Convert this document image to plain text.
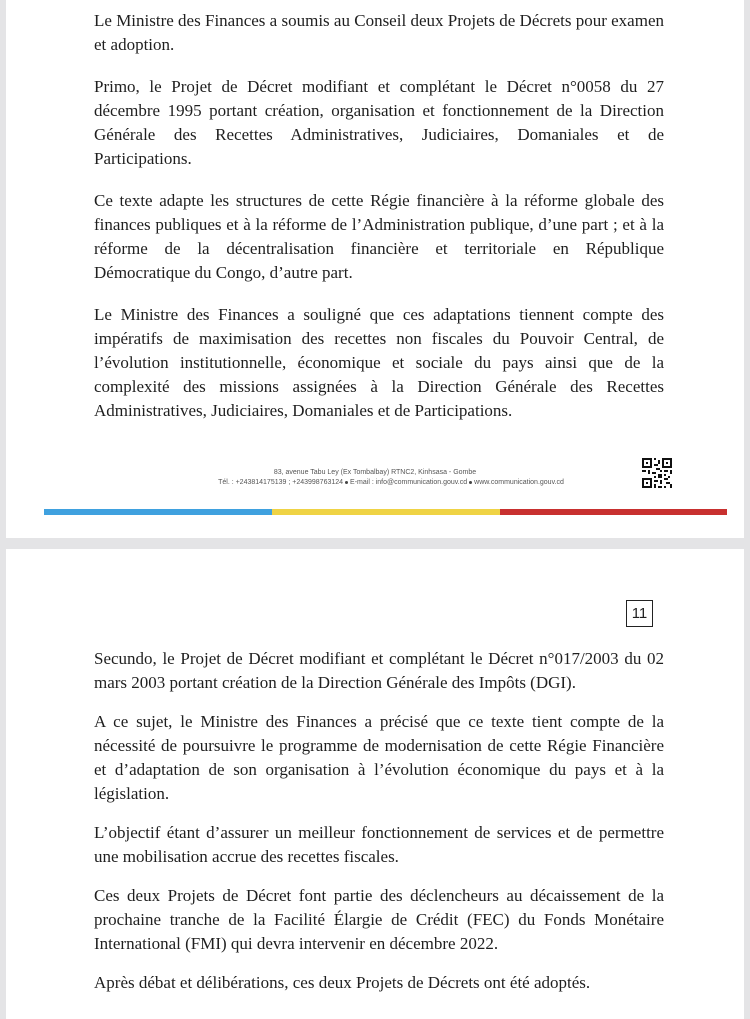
Le Ministre des Finances a soumis au Conseil deux Projets de Décrets pour examen et adoption.

Primo, le Projet de Décret modifiant et complétant le Décret n°0058 du 27 décembre 1995 portant création, organisation et fonctionnement de la Direction Générale des Recettes Administratives, Judiciaires, Domaniales et de Participations.

Ce texte adapte les structures de cette Régie financière à la réforme globale des finances publiques et à la réforme de l’Administration publique, d’une part ; et à la réforme de la décentralisation financière et territoriale en République Démocratique du Congo, d’autre part.

Le Ministre des Finances a souligné que ces adaptations tiennent compte des impératifs de maximisation des recettes non fiscales du Pouvoir Central, de l’évolution institutionnelle, économique et sociale du pays ainsi que de la complexité des missions assignées à la Direction Générale des Recettes Administratives, Judiciaires, Domaniales et de Participations.

83, avenue Tabu Ley (Ex Tombalbay) RTNC2, Kinhsasa - Gombe
Tél. : +243814175139 ; +243998763124 E-mail : info@communication.gouv.cd www.communication.gouv.cd
11

Secundo, le Projet de Décret modifiant et complétant le Décret n°017/2003 du 02 mars 2003 portant création de la Direction Générale des Impôts (DGI).

A ce sujet, le Ministre des Finances a précisé que ce texte tient compte de la nécessité de poursuivre le programme de modernisation de cette Régie Financière et d’adaptation de son organisation à l’évolution économique du pays et à la législation.

L’objectif étant d’assurer un meilleur fonctionnement de services et de permettre une mobilisation accrue des recettes fiscales.

Ces deux Projets de Décret font partie des déclencheurs au décaissement de la prochaine tranche de la Facilité Élargie de Crédit (FEC) du Fonds Monétaire International (FMI) qui devra intervenir en décembre 2022.

Après débat et délibérations, ces deux Projets de Décrets ont été adoptés.
